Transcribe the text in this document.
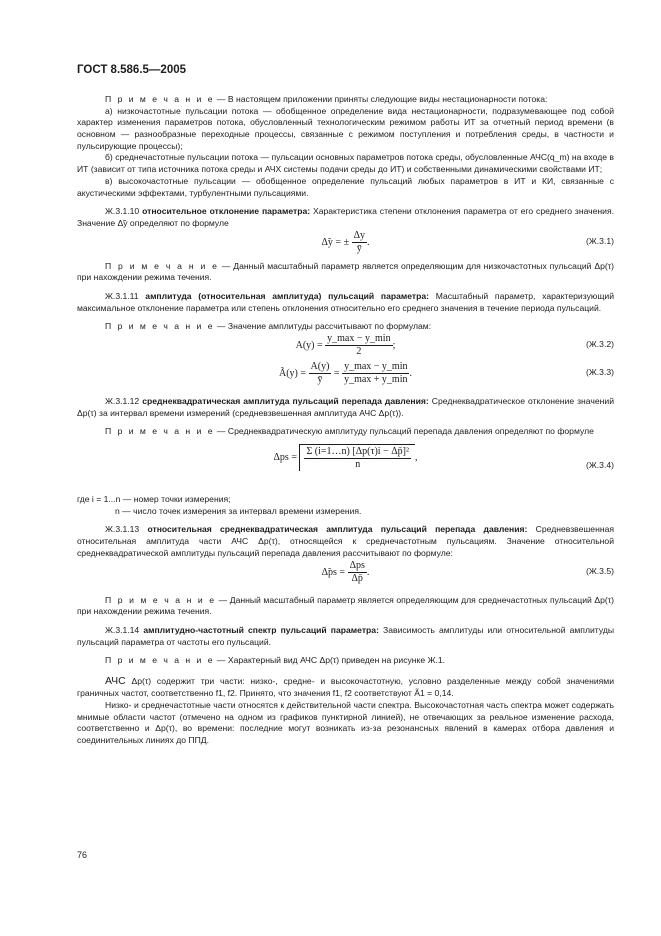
ГОСТ 8.586.5—2005

П р и м е ч а н и е — В настоящем приложении приняты следующие виды нестационарности потока:

а) низкочастотные пульсации потока — обобщенное определение вида нестационарности, подразумевающее под собой характер изменения параметров потока, обусловленный технологическим режимом работы ИТ за отчетный период времени (в основном — разнообразные переходные процессы, связанные с режимом поступления и потребления среды, в частности и пульсирующие процессы);

б) среднечастотные пульсации потока — пульсации основных параметров потока среды, обусловленные АЧС(q_m) на входе в ИТ (зависит от типа источника потока среды и АЧХ системы подачи среды до ИТ) и собственными динамическими свойствами ИТ;

в) высокочастотные пульсации — обобщенное определение пульсаций любых параметров в ИТ и КИ, связанные с акустическими эффектами, турбулентными пульсациями.

Ж.3.1.10 относительное отклонение параметра: Характеристика степени отклонения параметра от его среднего значения. Значение Δ̃y определяют по формуле

Δ̃y = ± $\frac{\Delta y}{ȳ}$ .	(Ж.3.1)

П р и м е ч а н и е — Данный масштабный параметр является определяющим для низкочастотных пульсаций Δp(τ) при нахождении режима течения.

Ж.3.1.11 амплитуда (относительная амплитуда) пульсаций параметра: Масштабный параметр, характеризующий максимальное отклонение параметра или степень отклонения относительно его среднего значения в течение периода пульсаций.

П р и м е ч а н и е — Значение амплитуды рассчитывают по формулам:

$A(y) = \frac{y\_\max - y\_\min}{2}$ ;	(Ж.3.2)
Ã(y) = $\frac{A(y)}{ȳ} = \frac{y\_\max - y\_\min}{y\_\max + y\_\min}$ .	(Ж.3.3)

Ж.3.1.12 среднеквадратическая амплитуда пульсаций перепада давления: Среднеквадратическое отклонение значений Δp(τ) за интервал времени измерений (средневзвешенная амплитуда АЧС Δp(τ)).

П р и м е ч а н и е — Среднеквадратическую амплитуду пульсаций перепада давления определяют по формуле

$\Delta ps = \frac{\text{Σ (i=1…n) [Δp(τ)i − Δp̄]²}}{n}$ ,
(Ж.3.4)

где i = 1...n — номер точки измерения;

n — число точек измерения за интервал времени измерения.

Ж.3.1.13 относительная среднеквадратическая амплитуда пульсаций перепада давления: Средневзвешенная относительная амплитуда части АЧС Δp(τ), относящейся к среднечастотным пульсациям. Значение относительной среднеквадратической амплитуды пульсаций перепада давления рассчитывают по формуле:

Δ̃ps = $\frac{\text{Δps}}{\Delta p̄}$ .	(Ж.3.5)

П р и м е ч а н и е — Данный масштабный параметр является определяющим для среднечастотных пульсаций Δp(τ) при нахождении режима течения.

Ж.3.1.14 амплитудно-частотный спектр пульсаций параметра: Зависимость амплитуды или относительной амплитуды пульсаций параметра от частоты его пульсаций.

П р и м е ч а н и е — Характерный вид АЧС Δp(τ) приведен на рисунке Ж.1.

АЧС Δp(τ) содержит три части: низко-, средне- и высокочастотную, условно разделенные между собой значениями граничных частот, соответственно f1, f2. Принято, что значения f1, f2 соответствуют Ã1 = 0,14.

Низко- и среднечастотные части относятся к действительной части спектра. Высокочастотная часть спектра может содержать мнимые области частот (отмечено на одном из графиков пунктирной линией), не отвечающих за реальное изменение расхода, соответственно и Δp(τ), во времени: последние могут возникать из-за резонансных явлений в камерах отбора давления и соединительных линиях до ППД.

76
